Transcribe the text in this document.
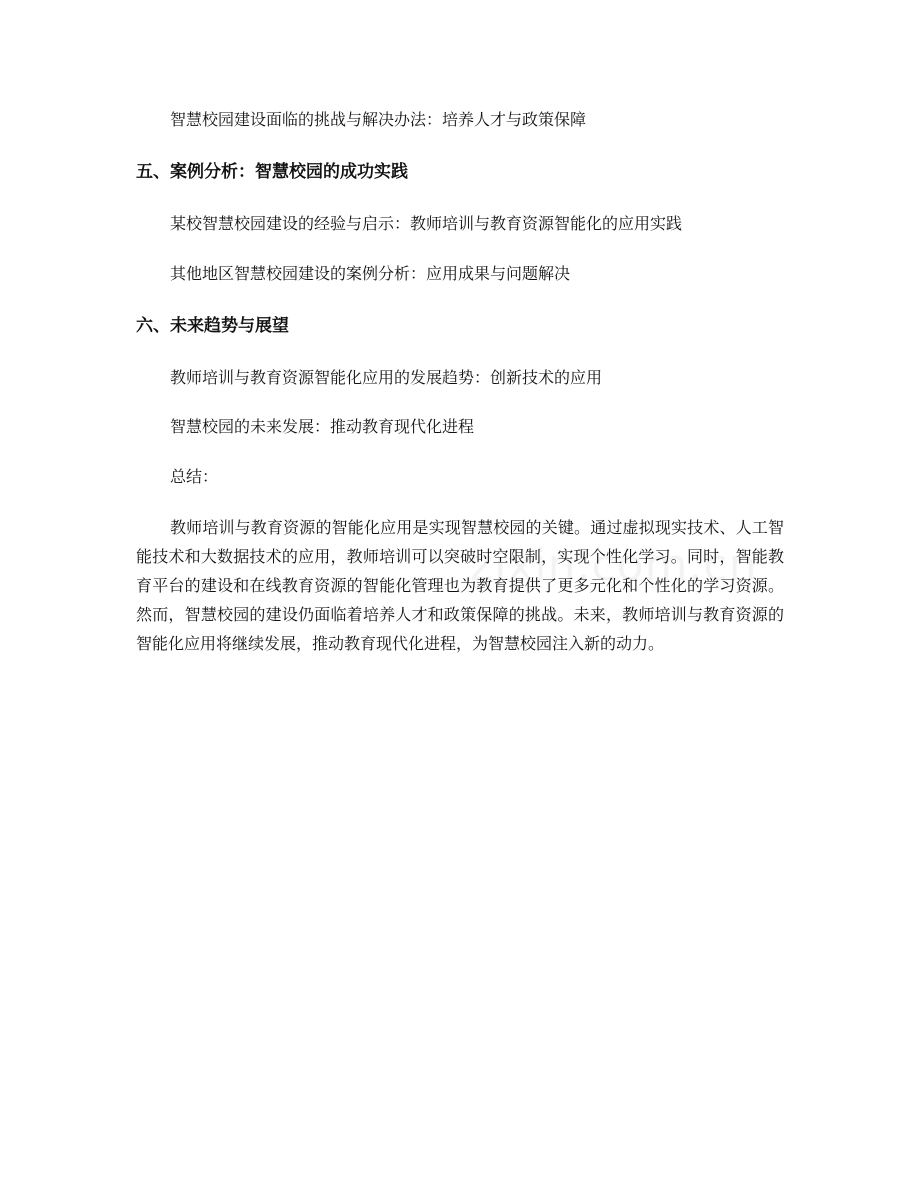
智慧校园建设面临的挑战与解决办法：培养人才与政策保障
五、案例分析：智慧校园的成功实践
某校智慧校园建设的经验与启示：教师培训与教育资源智能化的应用实践
其他地区智慧校园建设的案例分析：应用成果与问题解决
六、未来趋势与展望
教师培训与教育资源智能化应用的发展趋势：创新技术的应用
智慧校园的未来发展：推动教育现代化进程
总结：

教师培训与教育资源的智能化应用是实现智慧校园的关键。通过虚拟现实技术、人工智能技术和大数据技术的应用，教师培训可以突破时空限制，实现个性化学习。同时，智能教育平台的建设和在线教育资源的智能化管理也为教育提供了更多元化和个性化的学习资源。然而，智慧校园的建设仍面临着培养人才和政策保障的挑战。未来，教师培训与教育资源的智能化应用将继续发展，推动教育现代化进程，为智慧校园注入新的动力。
